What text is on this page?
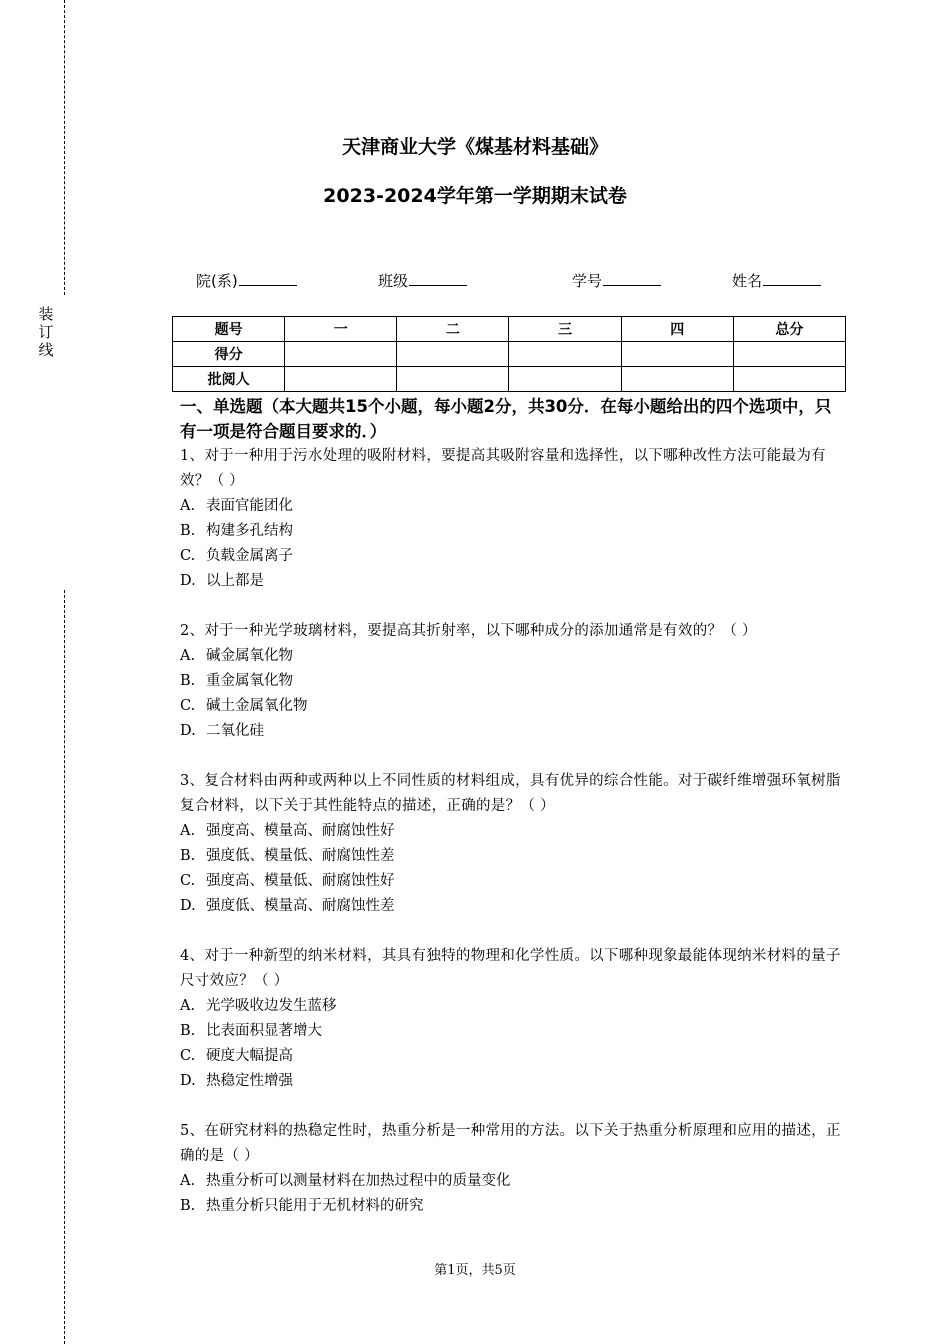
装
订
线
天津商业大学《煤基材料基础》
2023-2024学年第一学期期末试卷
院(系)	班级	学号	姓名
题号	一	二	三	四	总分
得分					
批阅人					
一、单选题（本大题共15个小题，每小题2分，共30分．在每小题给出的四个选项中，只有一项是符合题目要求的．）
1、对于一种用于污水处理的吸附材料，要提高其吸附容量和选择性，以下哪种改性方法可能最为有效？（ ）
A. 表面官能团化
B. 构建多孔结构
C. 负载金属离子
D. 以上都是
2、对于一种光学玻璃材料，要提高其折射率，以下哪种成分的添加通常是有效的？（ ）
A. 碱金属氧化物
B. 重金属氧化物
C. 碱土金属氧化物
D. 二氧化硅
3、复合材料由两种或两种以上不同性质的材料组成，具有优异的综合性能。对于碳纤维增强环氧树脂复合材料，以下关于其性能特点的描述，正确的是？（ ）
A. 强度高、模量高、耐腐蚀性好
B. 强度低、模量低、耐腐蚀性差
C. 强度高、模量低、耐腐蚀性好
D. 强度低、模量高、耐腐蚀性差
4、对于一种新型的纳米材料，其具有独特的物理和化学性质。以下哪种现象最能体现纳米材料的量子尺寸效应？（ ）
A. 光学吸收边发生蓝移
B. 比表面积显著增大
C. 硬度大幅提高
D. 热稳定性增强
5、在研究材料的热稳定性时，热重分析是一种常用的方法。以下关于热重分析原理和应用的描述，正确的是（ ）
A. 热重分析可以测量材料在加热过程中的质量变化
B. 热重分析只能用于无机材料的研究
第1页，共5页
